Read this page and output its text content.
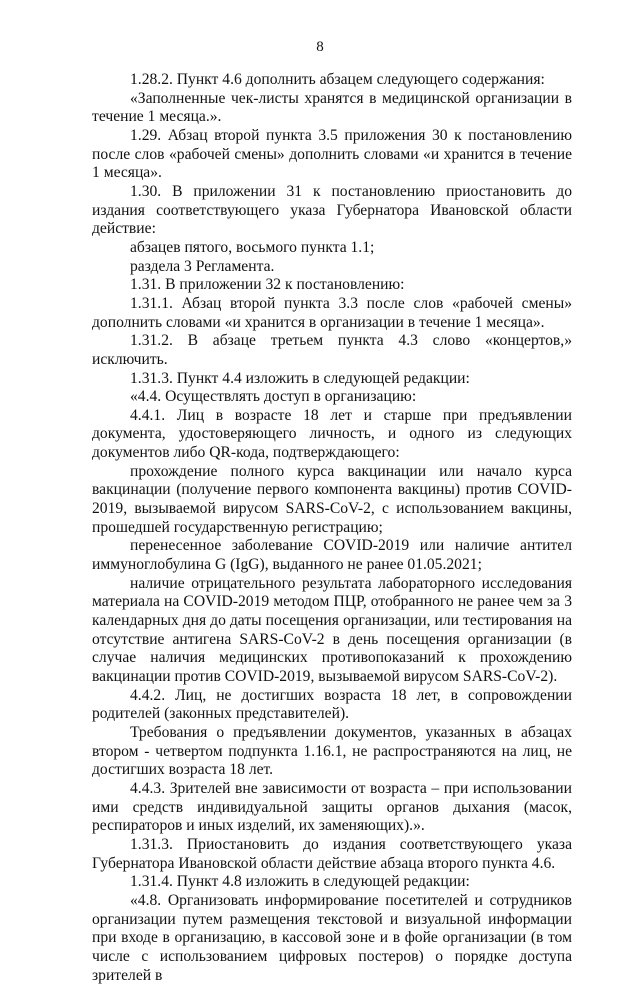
8

1.28.2. Пункт 4.6 дополнить абзацем следующего содержания:

«Заполненные чек-листы хранятся в медицинской организации в течение 1 месяца.».

1.29. Абзац второй пункта 3.5 приложения 30 к постановлению после слов «рабочей смены» дополнить словами «и хранится в течение 1 месяца».

1.30. В приложении 31 к постановлению приостановить до издания соответствующего указа Губернатора Ивановской области действие:

абзацев пятого, восьмого пункта 1.1;

раздела 3 Регламента.

1.31. В приложении 32 к постановлению:

1.31.1. Абзац второй пункта 3.3 после слов «рабочей смены» дополнить словами «и хранится в организации в течение 1 месяца».

1.31.2. В абзаце третьем пункта 4.3 слово «концертов,» исключить.

1.31.3. Пункт 4.4 изложить в следующей редакции:

«4.4. Осуществлять доступ в организацию:

4.4.1. Лиц в возрасте 18 лет и старше при предъявлении документа, удостоверяющего личность, и одного из следующих документов либо QR-кода, подтверждающего:

прохождение полного курса вакцинации или начало курса вакцинации (получение первого компонента вакцины) против COVID-2019, вызываемой вирусом SARS-CoV-2, с использованием вакцины, прошедшей государственную регистрацию;

перенесенное заболевание COVID-2019 или наличие антител иммуноглобулина G (IgG), выданного не ранее 01.05.2021;

наличие отрицательного результата лабораторного исследования материала на COVID-2019 методом ПЦР, отобранного не ранее чем за 3 календарных дня до даты посещения организации, или тестирования на отсутствие антигена SARS-CoV-2 в день посещения организации (в случае наличия медицинских противопоказаний к прохождению вакцинации против COVID-2019, вызываемой вирусом SARS-CoV-2).

4.4.2. Лиц, не достигших возраста 18 лет, в сопровождении родителей (законных представителей).

Требования о предъявлении документов, указанных в абзацах втором - четвертом подпункта 1.16.1, не распространяются на лиц, не достигших возраста 18 лет.

4.4.3. Зрителей вне зависимости от возраста – при использовании ими средств индивидуальной защиты органов дыхания (масок, респираторов и иных изделий, их заменяющих).».

1.31.3. Приостановить до издания соответствующего указа Губернатора Ивановской области действие абзаца второго пункта 4.6.

1.31.4. Пункт 4.8 изложить в следующей редакции:

«4.8. Организовать информирование посетителей и сотрудников организации путем размещения текстовой и визуальной информации при входе в организацию, в кассовой зоне и в фойе организации (в том числе с использованием цифровых постеров) о порядке доступа зрителей в
